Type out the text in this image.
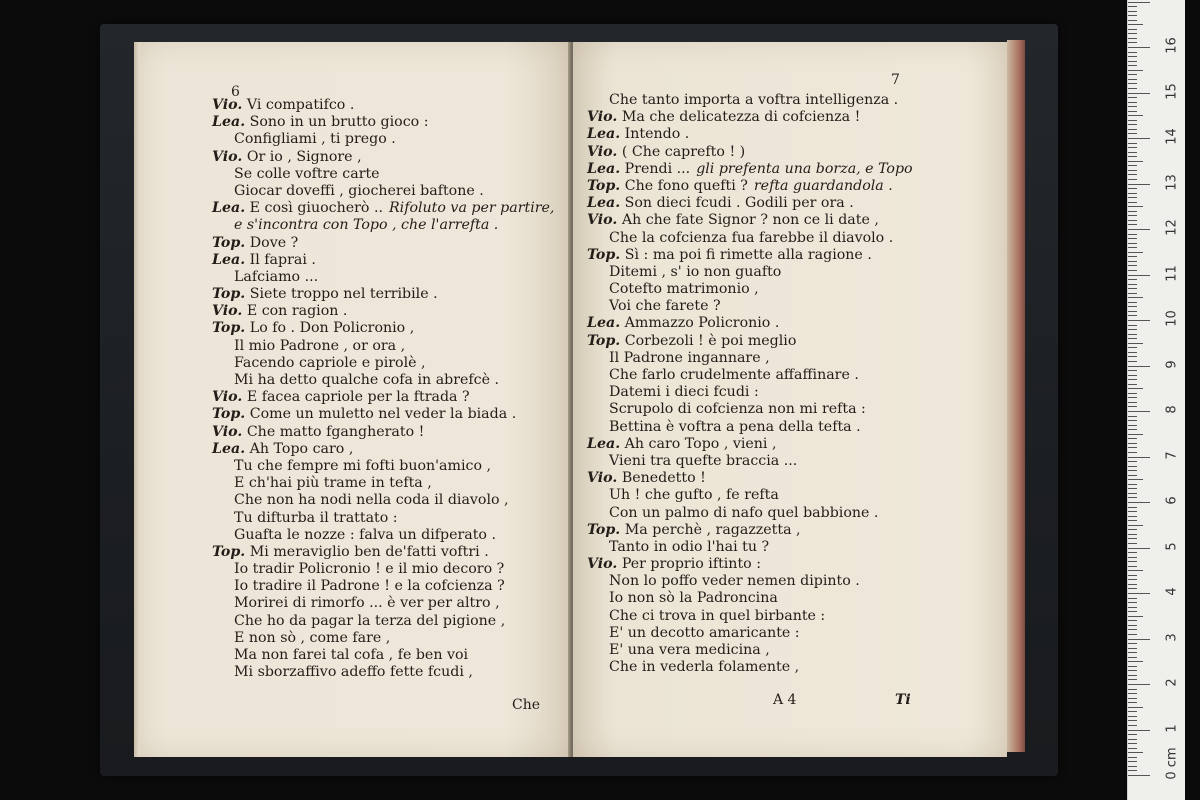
6
Vio. Vi compatifco .
Lea. Sono in un brutto gioco :
Configliami , ti prego .
Vio. Or io , Signore ,
Se colle voftre carte
Giocar doveffi , giocherei baftone .
Lea. E così giuocherò .. Rifoluto va per partire,
e s'incontra con Topo , che l'arrefta .
Top. Dove ?
Lea. Il faprai .
Lafciamo ...
Top. Siete troppo nel terribile .
Vio. E con ragion .
Top. Lo fo . Don Policronio ,
Il mio Padrone , or ora ,
Facendo capriole e pirolè ,
Mi ha detto qualche cofa in abrefcè .
Vio. E facea capriole per la ftrada ?
Top. Come un muletto nel veder la biada .
Vio. Che matto fgangherato !
Lea. Ah Topo caro ,
Tu che fempre mi fofti buon'amico ,
E ch'hai più trame in tefta ,
Che non ha nodi nella coda il diavolo ,
Tu difturba il trattato :
Guafta le nozze : falva un difperato .
Top. Mi meraviglio ben de'fatti voftri .
Io tradir Policronio ! e il mio decoro ?
Io tradire il Padrone ! e la cofcienza ?
Morirei di rimorfo ... è ver per altro ,
Che ho da pagar la terza del pigione ,
E non sò , come fare ,
Ma non farei tal cofa , fe ben voi
Mi sborzaffivo adeffo fette fcudi ,
Che
7
Che tanto importa a voftra intelligenza .
Vio. Ma che delicatezza di cofcienza !
Lea. Intendo .
Vio. ( Che caprefto ! )
Lea. Prendi ... gli prefenta una borza, e Topo
Top. Che fono quefti ? refta guardandola .
Lea. Son dieci fcudi . Godili per ora .
Vio. Ah che fate Signor ? non ce li date ,
Che la cofcienza fua farebbe il diavolo .
Top. Sì : ma poi fi rimette alla ragione .
Ditemi , s' io non guafto
Cotefto matrimonio ,
Voi che farete ?
Lea. Ammazzo Policronio .
Top. Corbezoli ! è poi meglio
Il Padrone ingannare ,
Che farlo crudelmente affaffinare .
Datemi i dieci fcudi :
Scrupolo di cofcienza non mi refta :
Bettina è voftra a pena della tefta .
Lea. Ah caro Topo , vieni ,
Vieni tra quefte braccia ...
Vio. Benedetto !
Uh ! che gufto , fe refta
Con un palmo di nafo quel babbione .
Top. Ma perchè , ragazzetta ,
Tanto in odio l'hai tu ?
Vio. Per proprio iftinto :
Non lo poffo veder nemen dipinto .
Io non sò la Padroncina
Che ci trova in quel birbante :
E' un decotto amaricante :
E' una vera medicina ,
Che in vederla folamente ,
A 4	Ti
0 cm
1
2
3
4
5
6
7
8
9
10
11
12
13
14
15
16
